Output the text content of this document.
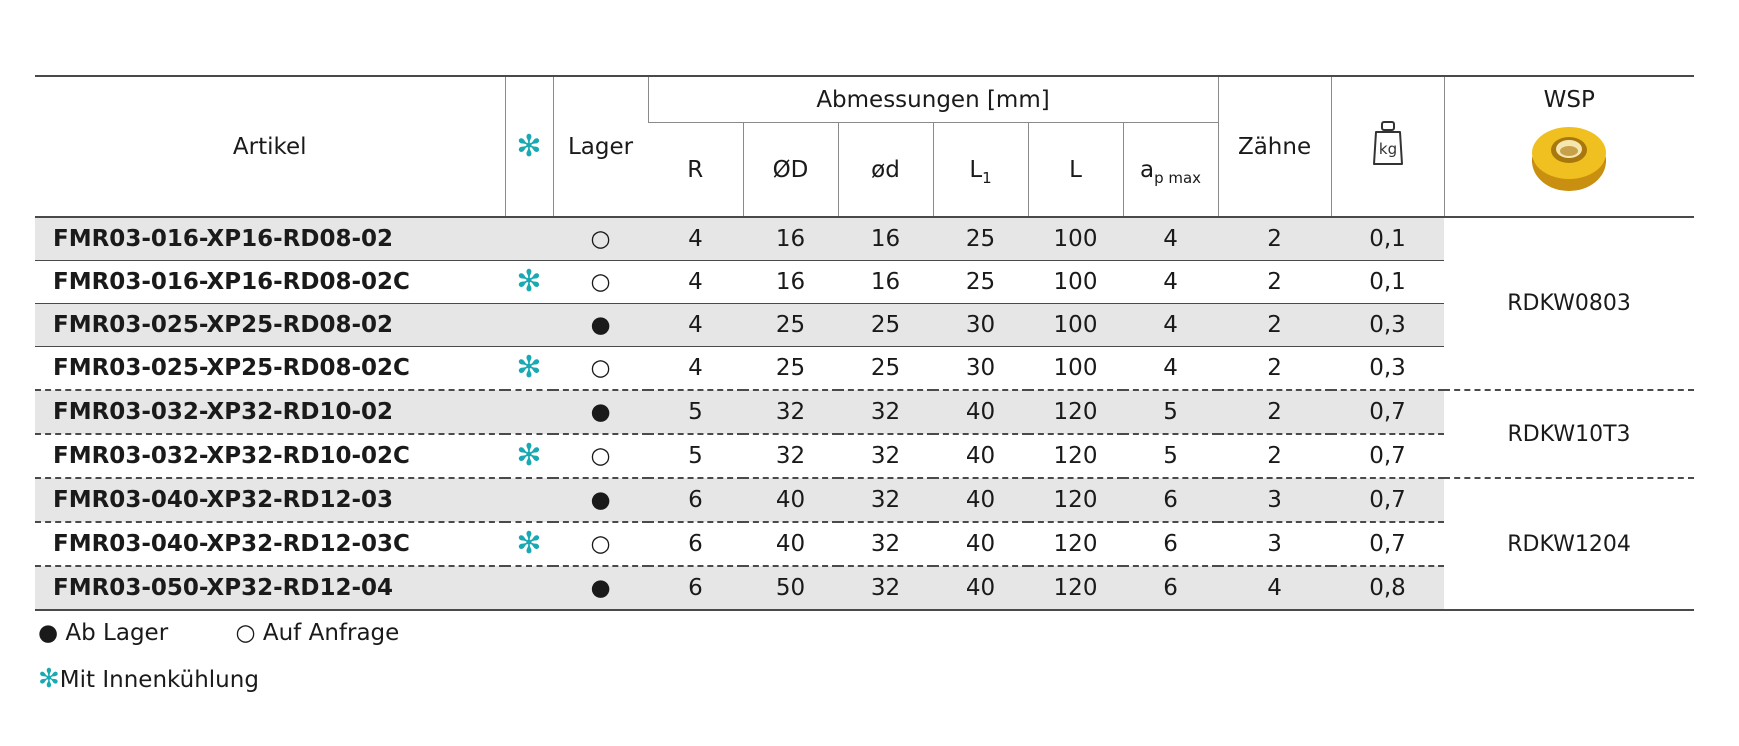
Artikel	✻	Lager	Abmessungen [mm]						Zähne	kg	WSP

			R	ØD	ød	$L_1$	L	$a_{p max}$
FMR03-016-XP16-RD08-02		○	4	16	16	25	100	4	2	0,1	RDKW0803
FMR03-016-XP16-RD08-02C	✻	○	4	16	16	25	100	4	2	0,1	
FMR03-025-XP25-RD08-02		●	4	25	25	30	100	4	2	0,3	
FMR03-025-XP25-RD08-02C	✻	○	4	25	25	30	100	4	2	0,3	
FMR03-032-XP32-RD10-02		●	5	32	32	40	120	5	2	0,7	RDKW10T3
FMR03-032-XP32-RD10-02C	✻	○	5	32	32	40	120	5	2	0,7	
FMR03-040-XP32-RD12-03		●	6	40	32	40	120	6	3	0,7	RDKW1204
FMR03-040-XP32-RD12-03C	✻	○	6	40	32	40	120	6	3	0,7	
FMR03-050-XP32-RD12-04		●	6	50	32	40	120	6	4	0,8	
● Ab Lager	○ Auf Anfrage
✻Mit Innenkühlung
